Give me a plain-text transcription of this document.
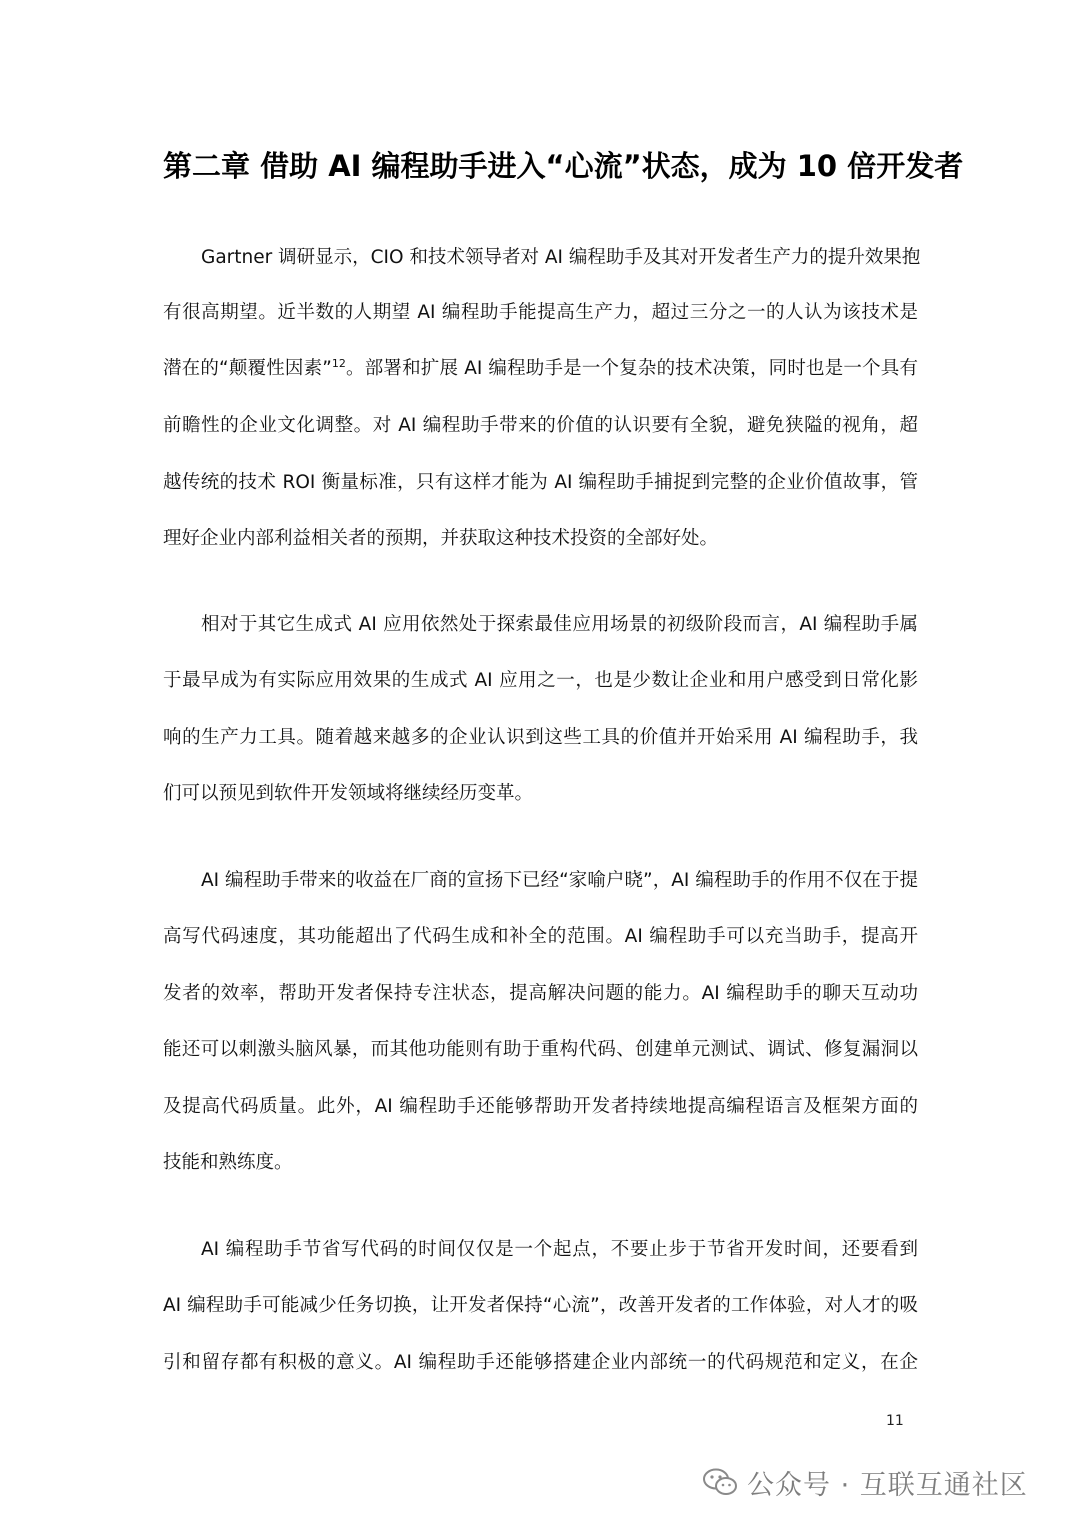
第二章 借助 AI 编程助手进入“心流”状态，成为 10 倍开发者
Gartner 调研显示，CIO 和技术领导者对 AI 编程助手及其对开发者生产力的提升效果抱
有很高期望。近半数的人期望 AI 编程助手能提高生产力，超过三分之一的人认为该技术是
潜在的“颠覆性因素”$^{12}$。部署和扩展 AI 编程助手是一个复杂的技术决策，同时也是一个具有
前瞻性的企业文化调整。对 AI 编程助手带来的价值的认识要有全貌，避免狭隘的视角，超
越传统的技术 ROI 衡量标准，只有这样才能为 AI 编程助手捕捉到完整的企业价值故事，管
理好企业内部利益相关者的预期，并获取这种技术投资的全部好处。
相对于其它生成式 AI 应用依然处于探索最佳应用场景的初级阶段而言，AI 编程助手属
于最早成为有实际应用效果的生成式 AI 应用之一，也是少数让企业和用户感受到日常化影
响的生产力工具。随着越来越多的企业认识到这些工具的价值并开始采用 AI 编程助手，我
们可以预见到软件开发领域将继续经历变革。
AI 编程助手带来的收益在厂商的宣扬下已经“家喻户晓”，AI 编程助手的作用不仅在于提
高写代码速度，其功能超出了代码生成和补全的范围。AI 编程助手可以充当助手，提高开
发者的效率，帮助开发者保持专注状态，提高解决问题的能力。AI 编程助手的聊天互动功
能还可以刺激头脑风暴，而其他功能则有助于重构代码、创建单元测试、调试、修复漏洞以
及提高代码质量。此外，AI 编程助手还能够帮助开发者持续地提高编程语言及框架方面的
技能和熟练度。
AI 编程助手节省写代码的时间仅仅是一个起点，不要止步于节省开发时间，还要看到
AI 编程助手可能减少任务切换，让开发者保持“心流”，改善开发者的工作体验，对人才的吸
引和留存都有积极的意义。AI 编程助手还能够搭建企业内部统一的代码规范和定义，在企
11
公众号 · 互联互通社区
